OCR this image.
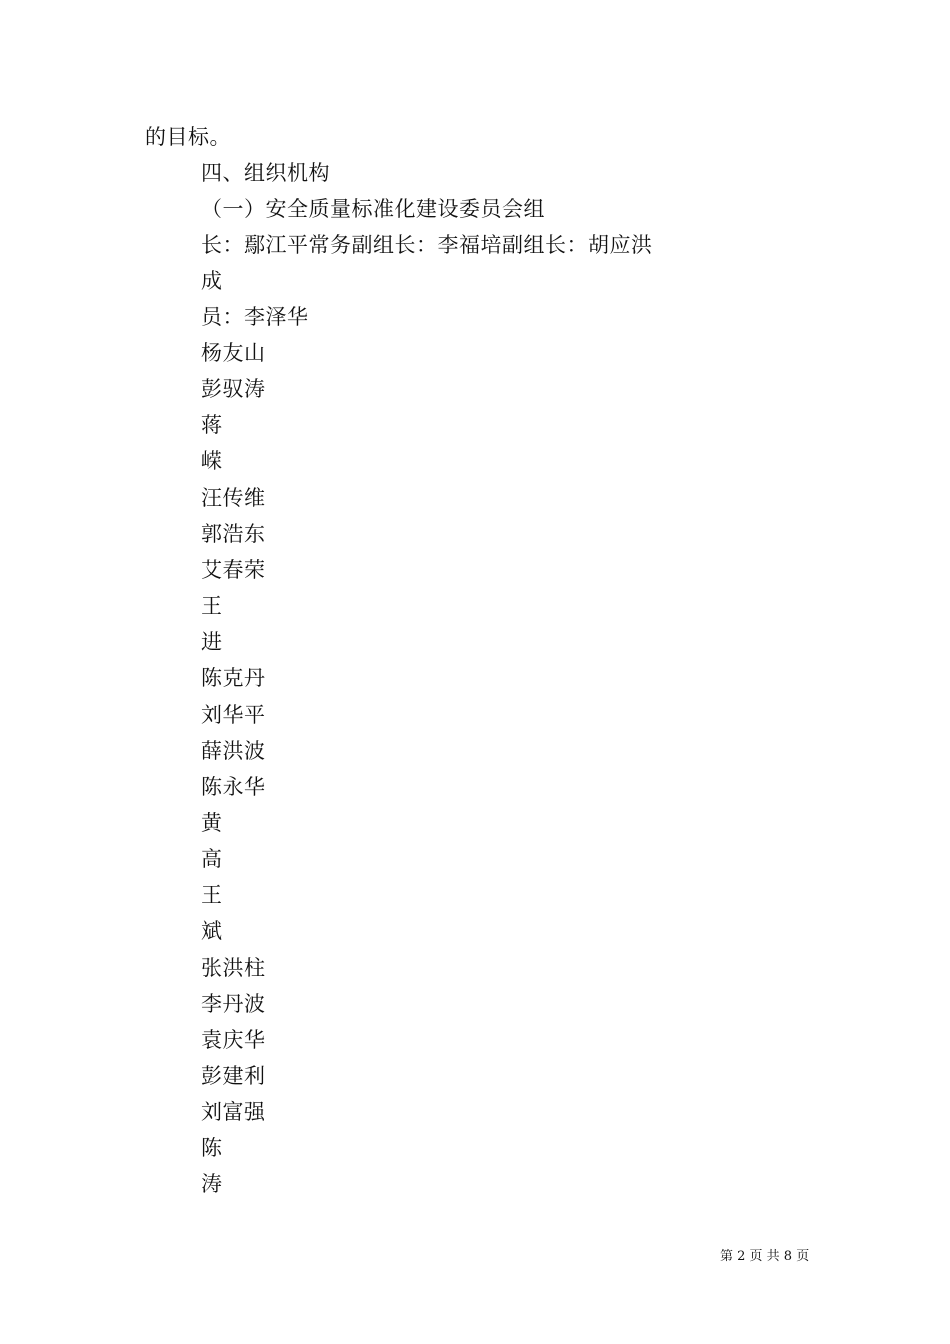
的目标。
四、组织机构
（一）安全质量标准化建设委员会组
长：鄢江平常务副组长：李福培副组长：胡应洪
成
员：李泽华
杨友山
彭驭涛
蒋
嵘
汪传维
郭浩东
艾春荣
王
进
陈克丹
刘华平
薛洪波
陈永华
黄
高
王
斌
张洪柱
李丹波
袁庆华
彭建利
刘富强
陈
涛
第 2 页 共 8 页
